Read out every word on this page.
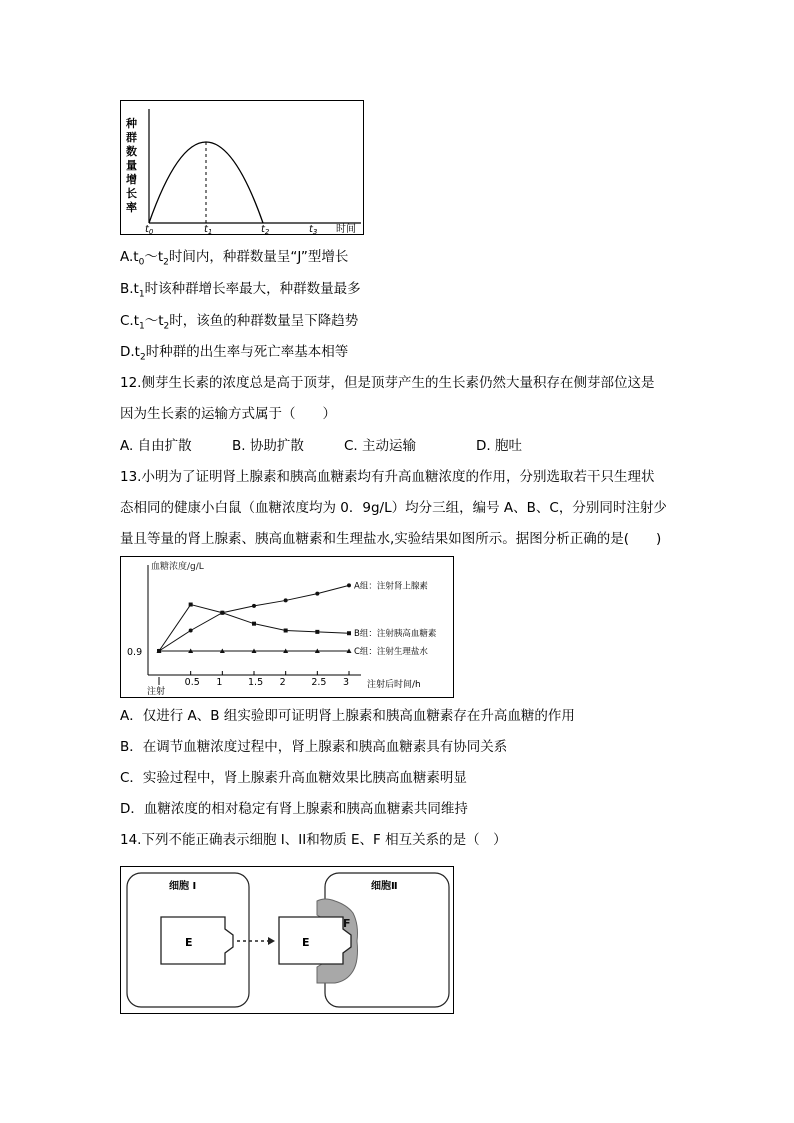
种
群
数
量
增
长
率
$t_0$	$t_1$	$t_2$	$t_3$ 时间
$A.t_0\sim t_2$时间内，种群数量呈“J”型增长
$B.t_1$时该种群增长率最大，种群数量最多
$C.t_1\sim t_2$时，该鱼的种群数量呈下降趋势
$D.t_2$时种群的出生率与死亡率基本相等
12.侧芽生长素的浓度总是高于顶芽，但是顶芽产生的生长素仍然大量积存在侧芽部位这是
因为生长素的运输方式属于（　　）
A. 自由扩散	B. 协助扩散	C. 主动运输	D. 胞吐
13.小明为了证明肾上腺素和胰高血糖素均有升高血糖浓度的作用，分别选取若干只生理状
态相同的健康小白鼠（血糖浓度均为 0．9g/L）均分三组，编号 A、B、C，分别同时注射少
量且等量的肾上腺素、胰高血糖素和生理盐水,实验结果如图所示。据图分析正确的是(　　)
血糖浓度/g/L
0.5 1	1.5 2	2.5 3
A组：注射肾上腺素
B组：注射胰高血糖素
C组：注射生理盐水
0.9
注射
注射后时间/h
A．仅进行 A、B 组实验即可证明肾上腺素和胰高血糖素存在升高血糖的作用
B．在调节血糖浓度过程中，肾上腺素和胰高血糖素具有协同关系
C．实验过程中，肾上腺素升高血糖效果比胰高血糖素明显
D．血糖浓度的相对稳定有肾上腺素和胰高血糖素共同维持
14.下列不能正确表示细胞 I、II和物质 E、F 相互关系的是（　）
细胞 Ⅰ
E
细胞Ⅱ
F
E
